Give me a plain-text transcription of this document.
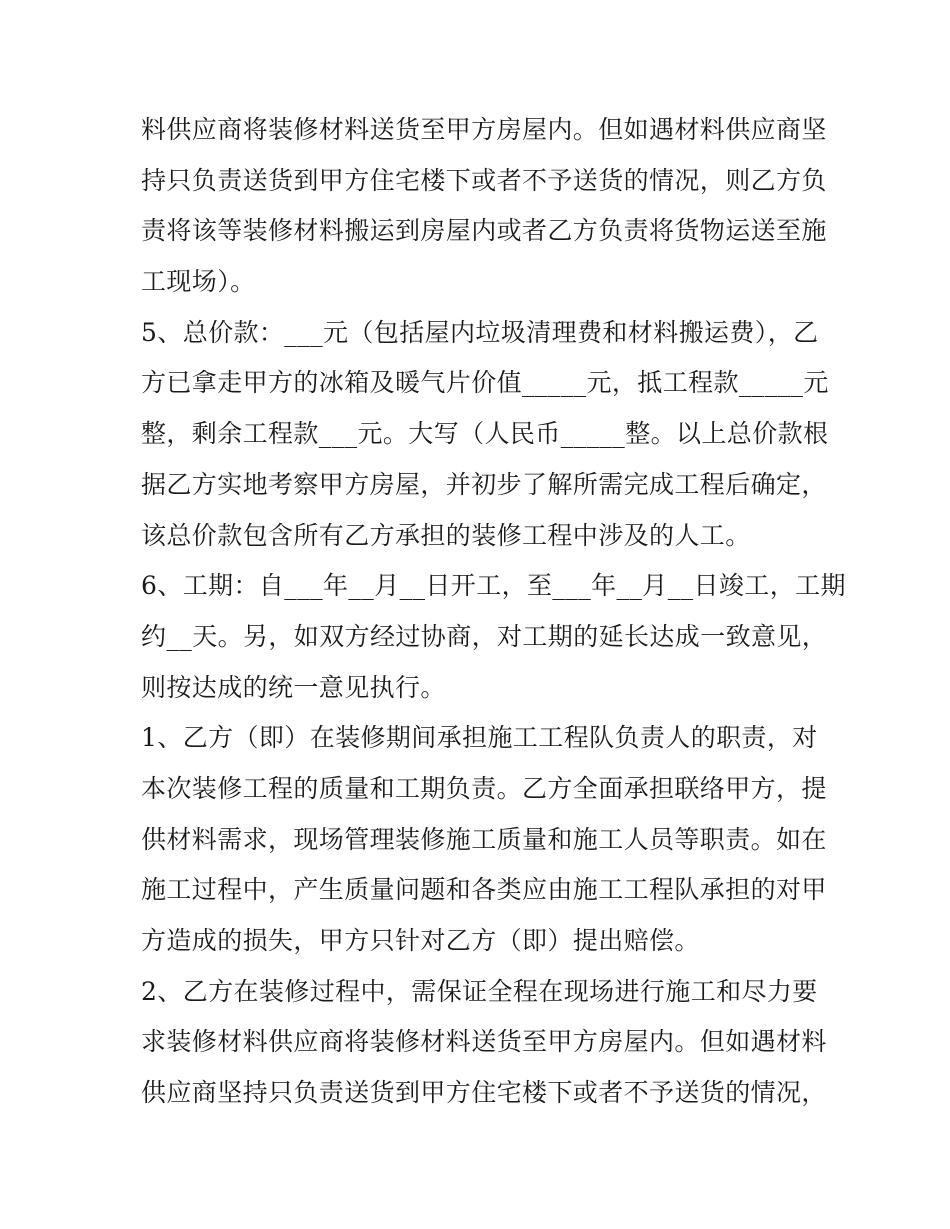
料供应商将装修材料送货至甲方房屋内。但如遇材料供应商坚
持只负责送货到甲方住宅楼下或者不予送货的情况，则乙方负
责将该等装修材料搬运到房屋内或者乙方负责将货物运送至施
工现场）。
5、总价款：___元（包括屋内垃圾清理费和材料搬运费），乙
方已拿走甲方的冰箱及暖气片价值_____元，抵工程款_____元
整，剩余工程款___元。大写（人民币_____整。以上总价款根
据乙方实地考察甲方房屋，并初步了解所需完成工程后确定，
该总价款包含所有乙方承担的装修工程中涉及的人工。
6、工期：自___年__月__日开工，至___年__月__日竣工，工期
约__天。另，如双方经过协商，对工期的延长达成一致意见，
则按达成的统一意见执行。
1、乙方（即）在装修期间承担施工工程队负责人的职责，对
本次装修工程的质量和工期负责。乙方全面承担联络甲方，提
供材料需求，现场管理装修施工质量和施工人员等职责。如在
施工过程中，产生质量问题和各类应由施工工程队承担的对甲
方造成的损失，甲方只针对乙方（即）提出赔偿。
2、乙方在装修过程中，需保证全程在现场进行施工和尽力要
求装修材料供应商将装修材料送货至甲方房屋内。但如遇材料
供应商坚持只负责送货到甲方住宅楼下或者不予送货的情况，
